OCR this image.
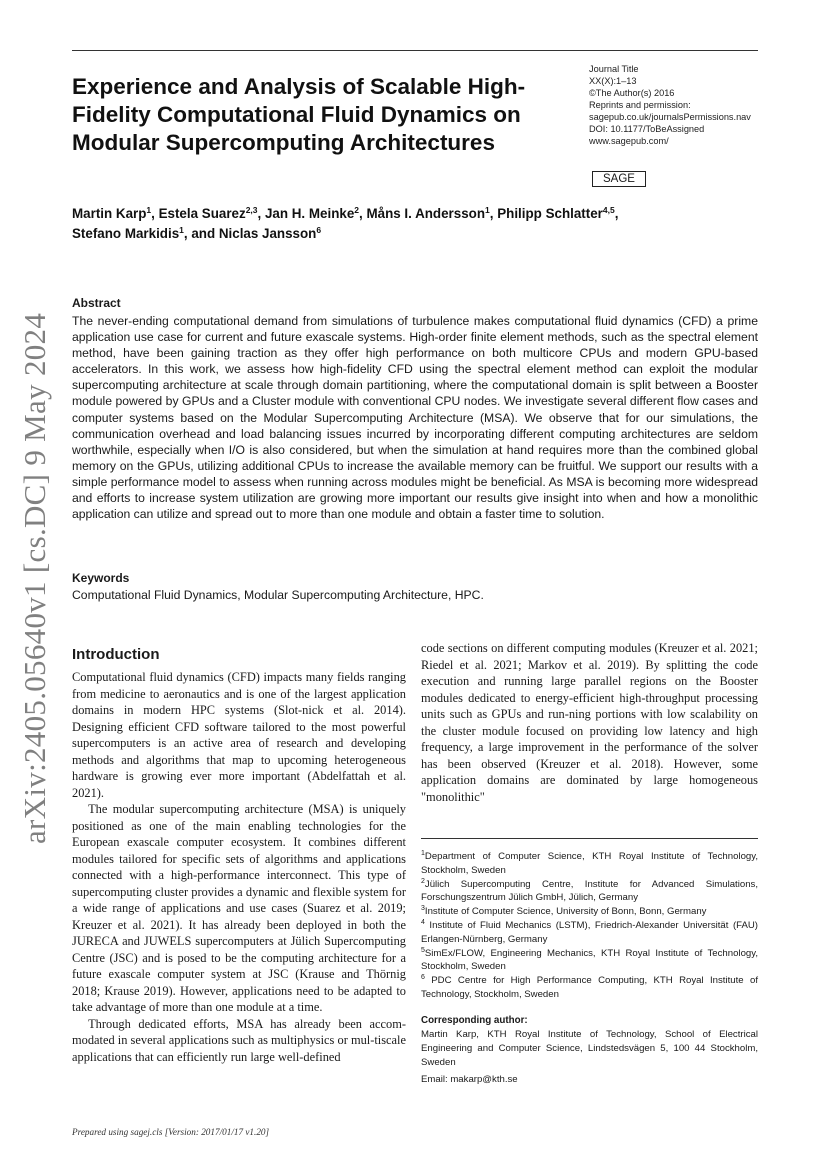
arXiv:2405.05640v1 [cs.DC] 9 May 2024
Experience and Analysis of Scalable High-Fidelity Computational Fluid Dynamics on Modular Supercomputing Architectures
Journal Title
XX(X):1–13
©The Author(s) 2016
Reprints and permission:
sagepub.co.uk/journalsPermissions.nav
DOI: 10.1177/ToBeAssigned
www.sagepub.com/
SAGE
Martin Karp$^1$, Estela Suarez$^{2,3}$, Jan H. Meinke$^2$, Måns I. Andersson$^1$, Philipp Schlatter$^{4,5}$,
Stefano Markidis$^1$, and Niclas Jansson$^6$
Abstract
The never-ending computational demand from simulations of turbulence makes computational fluid dynamics (CFD) a prime application use case for current and future exascale systems. High-order finite element methods, such as the spectral element method, have been gaining traction as they offer high performance on both multicore CPUs and modern GPU-based accelerators. In this work, we assess how high-fidelity CFD using the spectral element method can exploit the modular supercomputing architecture at scale through domain partitioning, where the computational domain is split between a Booster module powered by GPUs and a Cluster module with conventional CPU nodes. We investigate several different flow cases and computer systems based on the Modular Supercomputing Architecture (MSA). We observe that for our simulations, the communication overhead and load balancing issues incurred by incorporating different computing architectures are seldom worthwhile, especially when I/O is also considered, but when the simulation at hand requires more than the combined global memory on the GPUs, utilizing additional CPUs to increase the available memory can be fruitful. We support our results with a simple performance model to assess when running across modules might be beneficial. As MSA is becoming more widespread and efforts to increase system utilization are growing more important our results give insight into when and how a monolithic application can utilize and spread out to more than one module and obtain a faster time to solution.
Keywords
Computational Fluid Dynamics, Modular Supercomputing Architecture, HPC.
Introduction

Computational fluid dynamics (CFD) impacts many fields ranging from medicine to aeronautics and is one of the largest application domains in modern HPC systems (Slot-nick et al. 2014). Designing efficient CFD software tailored to the most powerful supercomputers is an active area of research and developing methods and algorithms that map to upcoming heterogeneous hardware is growing ever more important (Abdelfattah et al. 2021).

The modular supercomputing architecture (MSA) is uniquely positioned as one of the main enabling technologies for the European exascale computer ecosystem. It combines different modules tailored for specific sets of algorithms and applications connected with a high-performance interconnect. This type of supercomputing cluster provides a dynamic and flexible system for a wide range of applications and use cases (Suarez et al. 2019; Kreuzer et al. 2021). It has already been deployed in both the JURECA and JUWELS supercomputers at Jülich Supercomputing Centre (JSC) and is posed to be the computing architecture for a future exascale computer system at JSC (Krause and Thörnig 2018; Krause 2019). However, applications need to be adapted to take advantage of more than one module at a time.

Through dedicated efforts, MSA has already been accom-modated in several applications such as multiphysics or mul-tiscale applications that can efficiently run large well-defined

code sections on different computing modules (Kreuzer et al. 2021; Riedel et al. 2021; Markov et al. 2019). By splitting the code execution and running large parallel regions on the Booster modules dedicated to energy-efficient high-throughput processing units such as GPUs and run-ning portions with low scalability on the cluster module focused on providing low latency and high frequency, a large improvement in the performance of the solver has been observed (Kreuzer et al. 2018). However, some application domains are dominated by large homogeneous "monolithic"

$^1$Department of Computer Science, KTH Royal Institute of Technology, Stockholm, Sweden

$^2$Jülich Supercomputing Centre, Institute for Advanced Simulations, Forschungszentrum Jülich GmbH, Jülich, Germany

$^3$Institute of Computer Science, University of Bonn, Bonn, Germany

$^4$ Institute of Fluid Mechanics (LSTM), Friedrich-Alexander Universität (FAU) Erlangen-Nürnberg, Germany

$^5$SimEx/FLOW, Engineering Mechanics, KTH Royal Institute of Technology, Stockholm, Sweden

$^6$ PDC Centre for High Performance Computing, KTH Royal Institute of Technology, Stockholm, Sweden

Corresponding author:
Martin Karp, KTH Royal Institute of Technology, School of Electrical Engineering and Computer Science, Lindstedsvägen 5, 100 44 Stockholm, Sweden
Email: makarp@kth.se
Prepared using sagej.cls [Version: 2017/01/17 v1.20]
